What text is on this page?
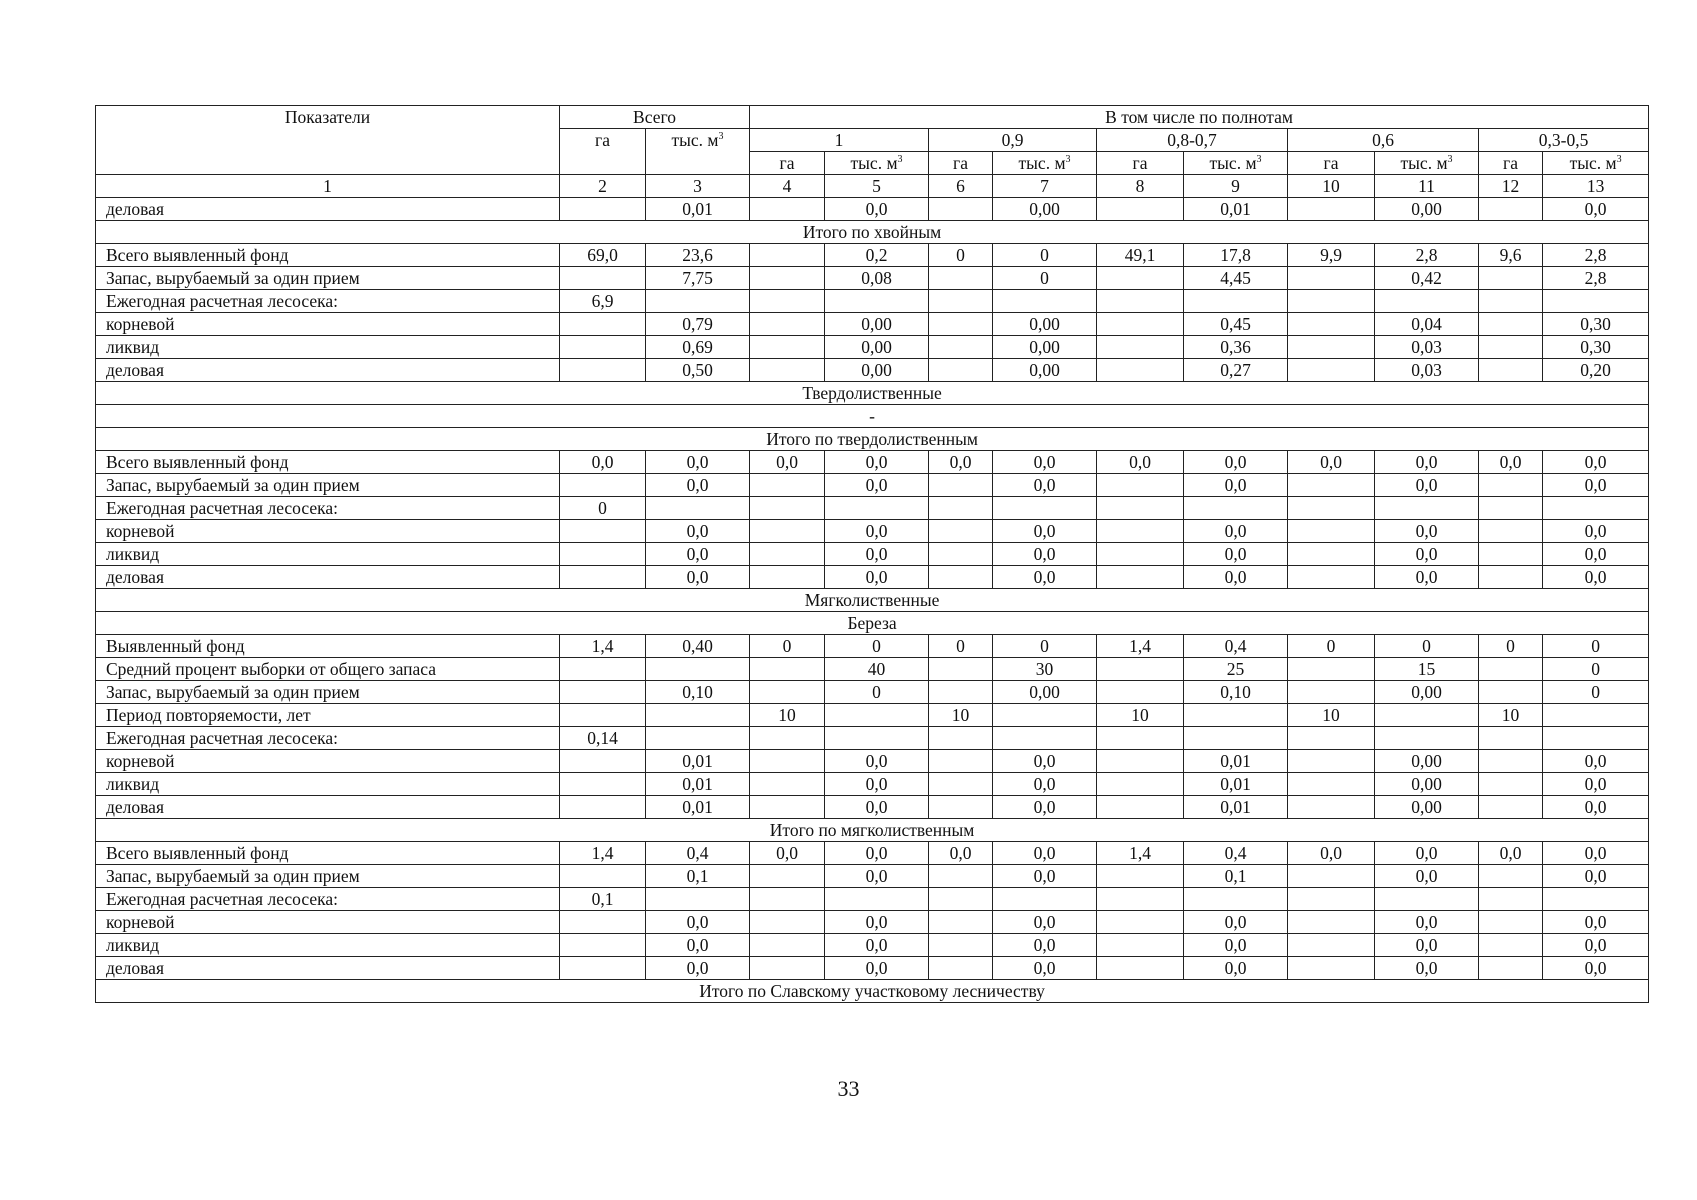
Показатели	Всего		В том числе по полнотам									
	га	тыс. $м^3$	1		0,9		0,8-0,7		0,6		0,3-0,5	
			га	тыс. $м^3$	га	тыс. $м^3$	га	тыс. $м^3$	га	тыс. $м^3$	га	тыс. $м^3$
1	2	3	4	5	6	7	8	9	10	11	12	13
деловая		0,01		0,0		0,00		0,01		0,00		0,0
Итого по хвойным												
Всего выявленный фонд	69,0	23,6		0,2	0	0	49,1	17,8	9,9	2,8	9,6	2,8
Запас, вырубаемый за один прием		7,75		0,08		0		4,45		0,42		2,8
Ежегодная расчетная лесосека:	6,9											
корневой		0,79		0,00		0,00		0,45		0,04		0,30
ликвид		0,69		0,00		0,00		0,36		0,03		0,30
деловая		0,50		0,00		0,00		0,27		0,03		0,20
Твердолиственные												
-												
Итого по твердолиственным												
Всего выявленный фонд	0,0	0,0	0,0	0,0	0,0	0,0	0,0	0,0	0,0	0,0	0,0	0,0
Запас, вырубаемый за один прием		0,0		0,0		0,0		0,0		0,0		0,0
Ежегодная расчетная лесосека:	0											
корневой		0,0		0,0		0,0		0,0		0,0		0,0
ликвид		0,0		0,0		0,0		0,0		0,0		0,0
деловая		0,0		0,0		0,0		0,0		0,0		0,0
Мягколиственные												
Береза												
Выявленный фонд	1,4	0,40	0	0	0	0	1,4	0,4	0	0	0	0
Средний процент выборки от общего запаса				40		30		25		15		0
Запас, вырубаемый за один прием		0,10		0		0,00		0,10		0,00		0
Период повторяемости, лет			10		10		10		10		10	
Ежегодная расчетная лесосека:	0,14											
корневой		0,01		0,0		0,0		0,01		0,00		0,0
ликвид		0,01		0,0		0,0		0,01		0,00		0,0
деловая		0,01		0,0		0,0		0,01		0,00		0,0
Итого по мягколиственным												
Всего выявленный фонд	1,4	0,4	0,0	0,0	0,0	0,0	1,4	0,4	0,0	0,0	0,0	0,0
Запас, вырубаемый за один прием		0,1		0,0		0,0		0,1		0,0		0,0
Ежегодная расчетная лесосека:	0,1											
корневой		0,0		0,0		0,0		0,0		0,0		0,0
ликвид		0,0		0,0		0,0		0,0		0,0		0,0
деловая		0,0		0,0		0,0		0,0		0,0		0,0
Итого по Славскому участковому лесничеству												
33
